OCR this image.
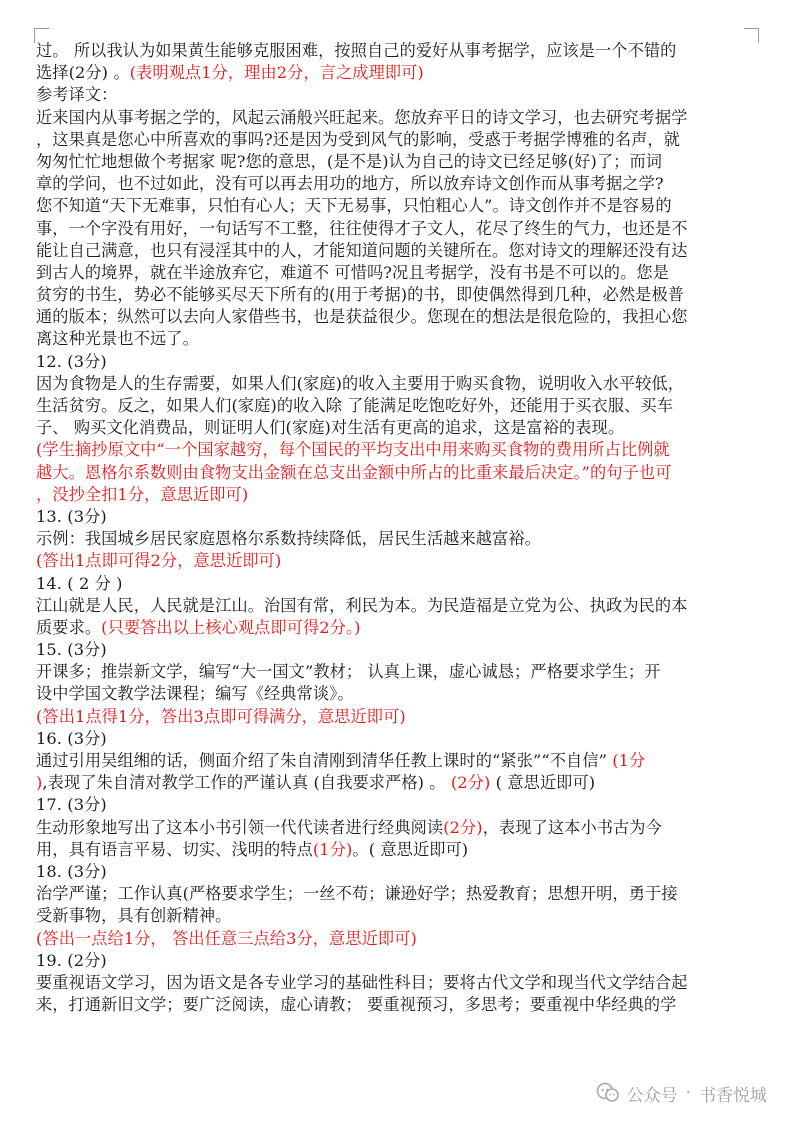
过。 所以我认为如果黄生能够克服困难，按照自己的爱好从事考据学，应该是一个不错的
选择(2分) 。(表明观点1分，理由2分，言之成理即可)
参考译文：
近来国内从事考据之学的，风起云涌般兴旺起来。您放弃平日的诗文学习，也去研究考据学
，这果真是您心中所喜欢的事吗?还是因为受到风气的影响，受惑于考据学博雅的名声，就
匆匆忙忙地想做个考据家 呢?您的意思，(是不是)认为自己的诗文已经足够(好)了；而词
章的学问，也不过如此，没有可以再去用功的地方，所以放弃诗文创作而从事考据之学?
您不知道“天下无难事，只怕有心人；天下无易事，只怕粗心人”。诗文创作并不是容易的
事，一个字没有用好，一句话写不工整，往往使得才子文人，花尽了终生的气力，也还是不
能让自己满意，也只有浸淫其中的人，才能知道问题的关键所在。您对诗文的理解还没有达
到古人的境界，就在半途放弃它，难道不 可惜吗?况且考据学，没有书是不可以的。您是
贫穷的书生，势必不能够买尽天下所有的(用于考据)的书，即使偶然得到几种，必然是极普
通的版本；纵然可以去向人家借些书，也是获益很少。您现在的想法是很危险的，我担心您
离这种光景也不远了。
12. (3分)
因为食物是人的生存需要，如果人们(家庭)的收入主要用于购买食物，说明收入水平较低，
生活贫穷。反之，如果人们(家庭)的收入除 了能满足吃饱吃好外，还能用于买衣服、买车
子、 购买文化消费品，则证明人们(家庭)对生活有更高的追求，这是富裕的表现。
(学生摘抄原文中“一个国家越穷，每个国民的平均支出中用来购买食物的费用所占比例就
越大。恩格尔系数则由食物支出金额在总支出金额中所占的比重来最后决定。”的句子也可
，没抄全扣1分，意思近即可)
13. (3分)
示例：我国城乡居民家庭恩格尔系数持续降低，居民生活越来越富裕。
(答出1点即可得2分，意思近即可)
14. ( 2 分 )
江山就是人民，人民就是江山。治国有常，利民为本。为民造福是立党为公、执政为民的本
质要求。(只要答出以上核心观点即可得2分。)
15. (3分)
开课多；推崇新文学，编写“大一国文”教材； 认真上课，虚心诚恳；严格要求学生；开
设中学国文教学法课程；编写《经典常谈》。
(答出1点得1分，答出3点即可得满分，意思近即可)
16. (3分)
通过引用吴组缃的话，侧面介绍了朱自清刚到清华任教上课时的“紧张”“不自信” (1分
),表现了朱自清对教学工作的严谨认真 (自我要求严格) 。 (2分) ( 意思近即可)
17. (3分)
生动形象地写出了这本小书引领一代代读者进行经典阅读(2分)，表现了这本小书古为今
用，具有语言平易、切实、浅明的特点(1分)。( 意思近即可)
18. (3分)
治学严谨；工作认真(严格要求学生；一丝不苟；谦逊好学；热爱教育；思想开明，勇于接
受新事物，具有创新精神。
(答出一点给1分， 答出任意三点给3分，意思近即可)
19. (2分)
要重视语文学习，因为语文是各专业学习的基础性科目；要将古代文学和现当代文学结合起
来，打通新旧文学；要广泛阅读，虚心请教； 要重视预习，多思考；要重视中华经典的学
公众号 · 书香悦城
